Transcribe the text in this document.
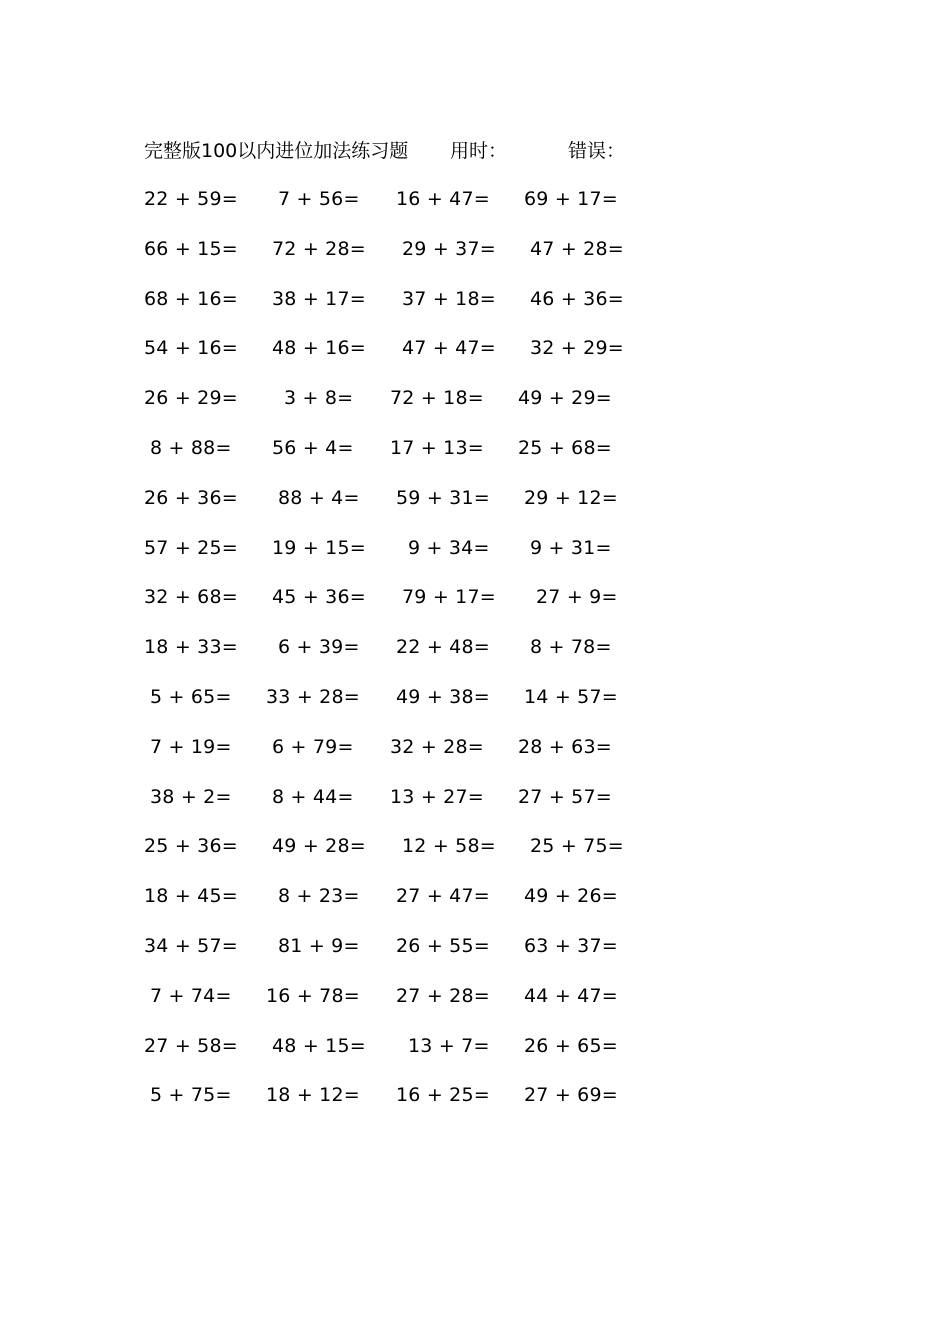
完整版100以内进位加法练习题 用时：	错误：
22 + 59= 7 + 56= 16 + 47= 69 + 17=
66 + 15= 72 + 28= 29 + 37= 47 + 28=
68 + 16= 38 + 17= 37 + 18= 46 + 36=
54 + 16= 48 + 16= 47 + 47= 32 + 29=
26 + 29= 3 + 8= 72 + 18= 49 + 29=
8 + 88= 56 + 4= 17 + 13= 25 + 68=
26 + 36= 88 + 4= 59 + 31= 29 + 12=
57 + 25= 19 + 15= 9 + 34= 9 + 31=
32 + 68= 45 + 36= 79 + 17= 27 + 9=
18 + 33= 6 + 39= 22 + 48= 8 + 78=
5 + 65= 33 + 28= 49 + 38= 14 + 57=
7 + 19= 6 + 79= 32 + 28= 28 + 63=
38 + 2= 8 + 44= 13 + 27= 27 + 57=
25 + 36= 49 + 28= 12 + 58= 25 + 75=
18 + 45= 8 + 23= 27 + 47= 49 + 26=
34 + 57= 81 + 9= 26 + 55= 63 + 37=
7 + 74= 16 + 78= 27 + 28= 44 + 47=
27 + 58= 48 + 15= 13 + 7= 26 + 65=
5 + 75= 18 + 12= 16 + 25= 27 + 69=
